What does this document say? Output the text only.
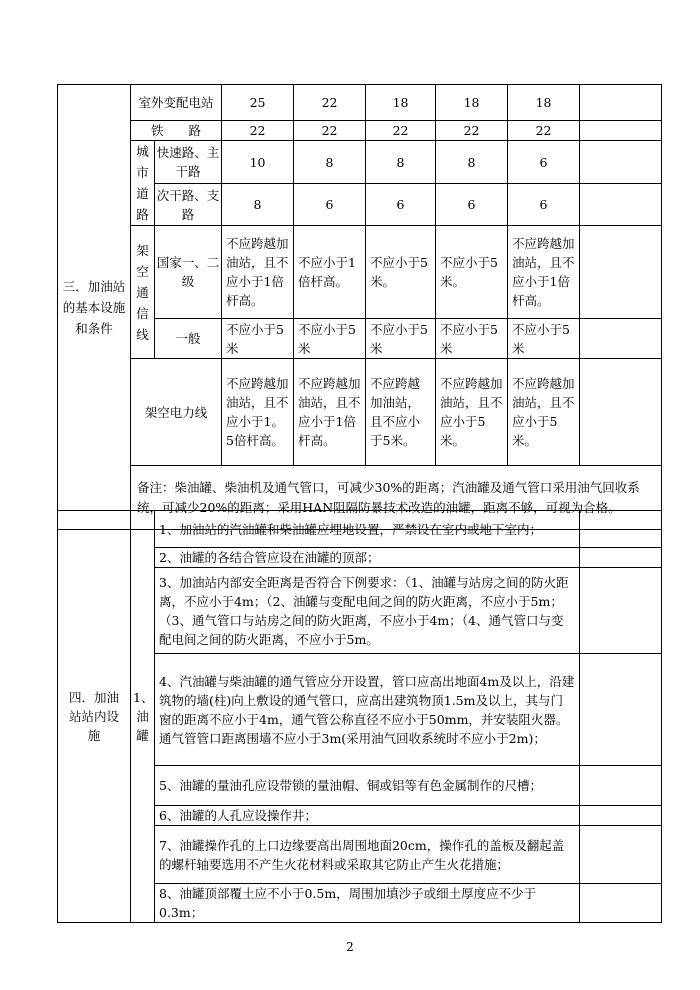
三．加油站的基本设施和条件	室外变配电站		25	22	18	18	18	
	铁　　路		22	22	22	22	22	
	城市道路	快速路、主干路	10	8	8	8	6	
		次干路、支路	8	6	6	6	6	
	架空通信线	国家一、二级	不应跨越加油站，且不应小于1倍杆高。	不应小于1倍杆高。	不应小于5米。	不应小于5米。	不应跨越加油站，且不应小于1倍杆高。	
		一般	不应小于5米	不应小于5米	不应小于5米	不应小于5米	不应小于5米	
	架空电力线		不应跨越加油站，且不应小于1。5倍杆高。	不应跨越加油站，且不应小于1倍杆高。	不应跨越加油站，且不应小于5米。	不应跨越加油站，且不应小于5米。	不应跨越加油站，且不应小于5米。	
	备注：柴油罐、柴油机及通气管口，可减少30%的距离；汽油罐及通气管口采用油气回收系统，可减少20%的距离；采用HAN阻隔防暴技术改造的油罐，距离不够，可视为合格。							
四．加油站站内设施	1、油罐	1、加油站的汽油罐和柴油罐应埋地设置，严禁设在室内或地下室内；	
		2、油罐的各结合管应设在油罐的顶部；	
		3、加油站内部安全距离是否符合下例要求：（1、油罐与站房之间的防火距离，不应小于4m；（2、油罐与变配电间之间的防火距离，不应小于5m；（3、通气管口与站房之间的防火距离，不应小于4m；（4、通气管口与变配电间之间的防火距离，不应小于5m。	
		4、汽油罐与柴油罐的通气管应分开设置，管口应高出地面4m及以上，沿建筑物的墙(柱)向上敷设的通气管口，应高出建筑物顶1.5m及以上，其与门窗的距离不应小于4m，通气管公称直径不应小于50mm，并安装阻火器。通气管管口距离围墙不应小于3m(采用油气回收系统时不应小于2m)；	
		5、油罐的量油孔应设带锁的量油帽、铜或铝等有色金属制作的尺槽；	
		6、油罐的人孔应设操作井；	
		7、油罐操作孔的上口边缘要高出周围地面20cm，操作孔的盖板及翻起盖的螺杆轴要选用不产生火花材料或采取其它防止产生火花措施；	
		8、油罐顶部覆土应不小于0.5m，周围加填沙子或细土厚度应不少于0.3m；	
2
